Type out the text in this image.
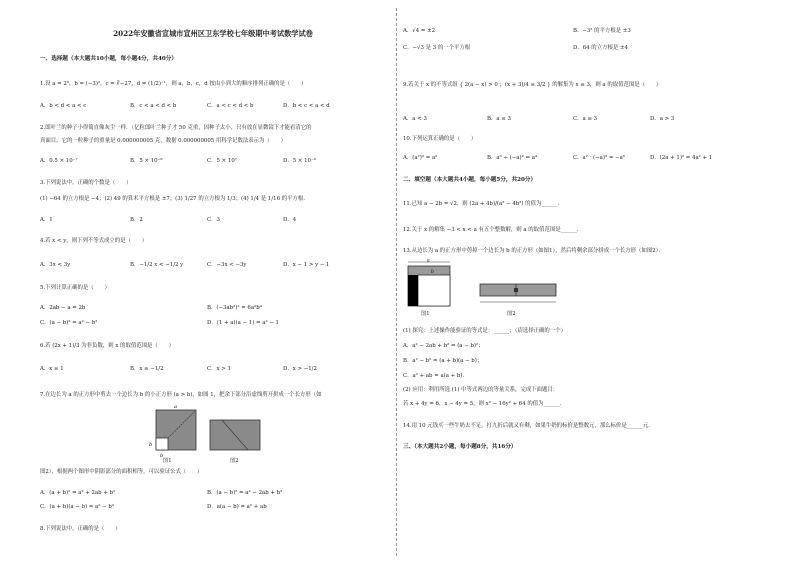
2022年安徽省宣城市宣州区卫东学校七年级期中考试数学试卷
一、选择题（本大题共10小题，每小题4分，共40分）
1.设 a = 2⁰，b = (−3)²，c = ∛−27，d = (1/2)⁻¹，则 a，b，c，d 按由小到大的顺序排列正确的是（　　）
A．b < d < a < c	B．c < a < d < b	C．a < c < d < b	D．b < c < a < d
2.郎叶兰的种子小得简直像灰尘一样．（亿粒郎叶兰种子才 50 克重，因种子太小，只有放在显微镜下才能看清它的
真面目，它的一粒种子的重量是 0.000000005 克，数据 0.000000005 用科学记数法表示为（　　）
A．0.5 × 10⁻⁷	B．5 × 10⁻⁸	C．5 × 10⁷	D．5 × 10⁻⁹
3.下列说法中，正确的个数是（　　）
(1) −64 的立方根是 −4；(2) 49 的算术平方根是 ±7；(3) 1/27 的立方根为 1/3；(4) 1/4 是 1/16 的平方根．
A．1	B．2	C．3	D．4
4.若 x < y，则下列不等式成立的是（　　）
A．3x < 3y	B．−1/2 x < −1/2 y	C．−3x < −3y	D．x − 1 > y − 1
5.下列计算正确的是（　　）
A．2ab − a = 2b	B．(−3ab²)² = 6a²b⁴
C．(a − b)² = a² − b²	D．(1 + a)(a − 1) = a² − 1
6.若 (2x + 1)/3 为非负数，则 x 的取值范围是（　　）
A．x ≥ 1	B．x ≥ −1/2	C．x > 1	D．x > −1/2
7.在边长为 a 的正方形中剪去一个边长为 b 的小正方形 (a > b)，如图 1，把余下部分沿虚线剪开拼成一个长方形（如
a
b
b
图1	图2
图2），根据两个图形中阴影部分的面积相等，可以验证公式（　　）
A．(a + b)² = a² + 2ab + b²	B．(a − b)² = a² − 2ab + b²
C．(a + b)(a − b) = a² − b²	D．a(a − b) = a² + ab
8.下列说法中，正确的是（　　）
A．√4 = ±2	B．−3² 的平方根是 ±3
C．−√3 是 3 的一个平方根	D．64 的立方根是 ±4
9.若关于 x 的不等式组 { 2(a − x) > 0 ；(x + 3)/4 ≤ 3/2 } 的解集为 x ≤ 3，则 a 的取值范围是（　　）
A．a < 3	B．a ≤ 3	C．a ≥ 3	D．a > 3
10.下列运算正确的是（　　）
A．(a²)³ = a⁵	B．a⁶ ÷ (−a)² = a⁴	C．a² · (−a)³ = −a⁶	D．(2a + 1)² = 4a² + 1
二、填空题（本大题共4小题，每小题5分，共20分）
11.已知 a − 2b = √2，则 (2a + 4b)/(a² − 4b²) 的值为______．
12.关于 x 的解集 −3 < x < a 有五个整数解，则 a 的取值范围是______．
13.从边长为 a 的正方形中剪掉一个边长为 b 的正方形（如图1），然后将剩余部分拼成一个长方形（如图2）．
a
b
图1	图2
(1) 探究：上述操作能验证的等式是：______；（请选择正确的一个）
A．a² − 2ab + b² = (a − b)²；
B．a² − b² = (a + b)(a − b)；
C．a² + ab = a(a + b)．
(2) 应用：利用所选 (1) 中等式两边的等量关系，完成下面题目：
若 x + 4y = 6，x − 4y = 5，则 x² − 16y² + 64 的值为______．
14.用 10 元钱买一些牛奶去不足，打九折后就又有剩，如果牛奶的标价是整数元，那么标价是______元．
三、（本大题共2小题，每小题8分，共16分）
